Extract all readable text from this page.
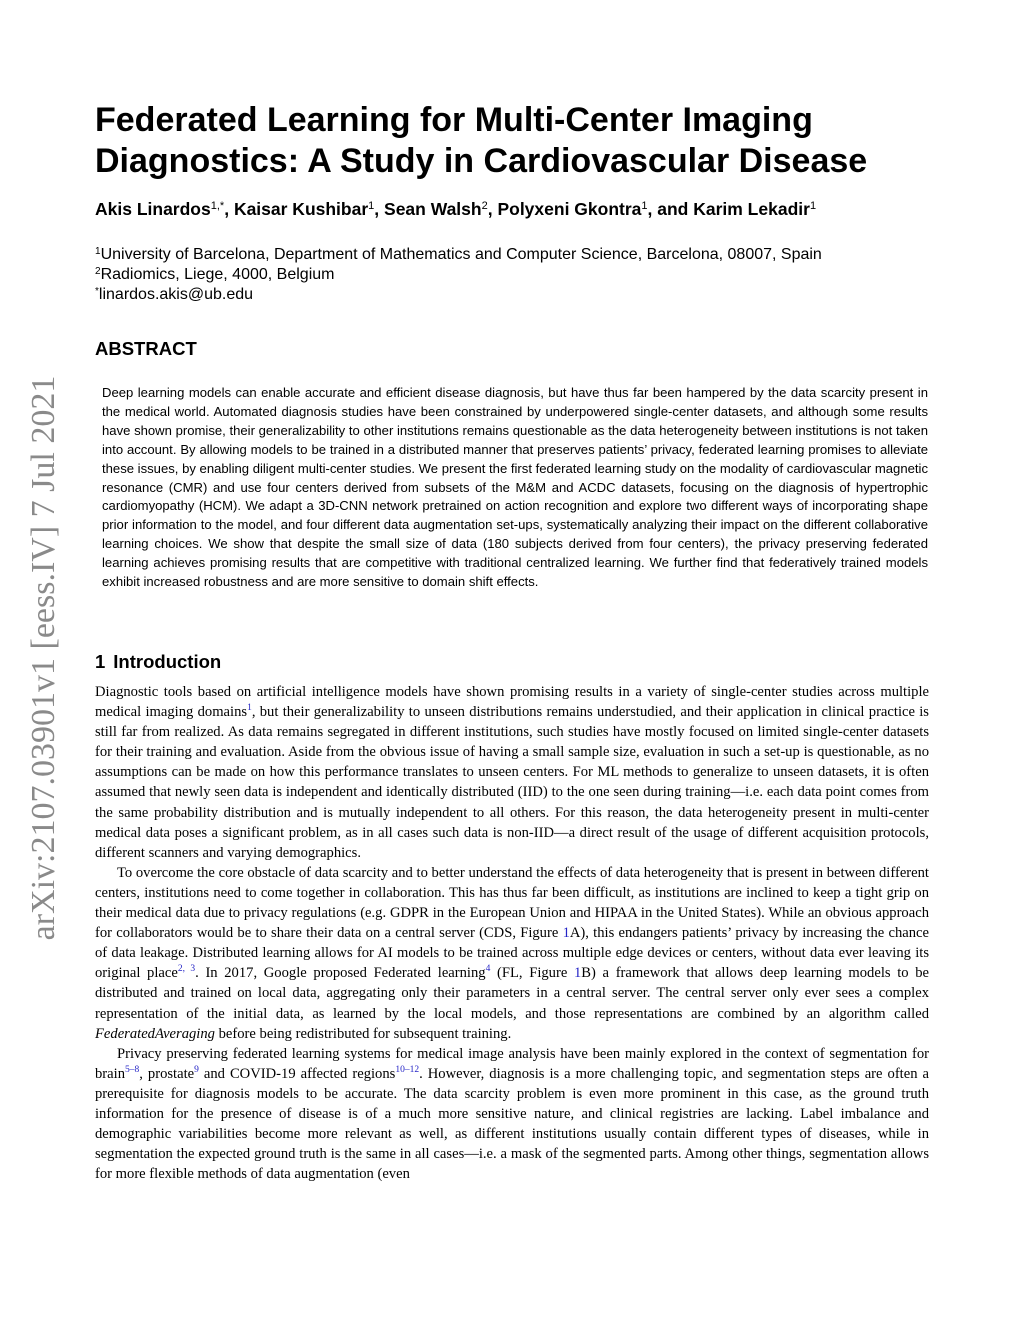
arXiv:2107.03901v1 [eess.IV] 7 Jul 2021
Federated Learning for Multi-Center Imaging
Diagnostics: A Study in Cardiovascular Disease
Akis Linardos$^{1,*}$, Kaisar Kushibar$^1$, Sean Walsh$^2$, Polyxeni Gkontra$^1$, and Karim Lekadir$^1$
$^1$University of Barcelona, Department of Mathematics and Computer Science, Barcelona, 08007, Spain
$^2$Radiomics, Liege, 4000, Belgium
*linardos.akis@ub.edu
ABSTRACT

Deep learning models can enable accurate and efficient disease diagnosis, but have thus far been hampered by the data scarcity present in the medical world. Automated diagnosis studies have been constrained by underpowered single-center datasets, and although some results have shown promise, their generalizability to other institutions remains questionable as the data heterogeneity between institutions is not taken into account. By allowing models to be trained in a distributed manner that preserves patients’ privacy, federated learning promises to alleviate these issues, by enabling diligent multi-center studies. We present the first federated learning study on the modality of cardiovascular magnetic resonance (CMR) and use four centers derived from subsets of the M&M and ACDC datasets, focusing on the diagnosis of hypertrophic cardiomyopathy (HCM). We adapt a 3D-CNN network pretrained on action recognition and explore two different ways of incorporating shape prior information to the model, and four different data augmentation set-ups, systematically analyzing their impact on the different collaborative learning choices. We show that despite the small size of data (180 subjects derived from four centers), the privacy preserving federated learning achieves promising results that are competitive with traditional centralized learning. We further find that federatively trained models exhibit increased robustness and are more sensitive to domain shift effects.

1 Introduction

Diagnostic tools based on artificial intelligence models have shown promising results in a variety of single-center studies across multiple medical imaging domains$^1$, but their generalizability to unseen distributions remains understudied, and their application in clinical practice is still far from realized. As data remains segregated in different institutions, such studies have mostly focused on limited single-center datasets for their training and evaluation. Aside from the obvious issue of having a small sample size, evaluation in such a set-up is questionable, as no assumptions can be made on how this performance translates to unseen centers. For ML methods to generalize to unseen datasets, it is often assumed that newly seen data is independent and identically distributed (IID) to the one seen during training—i.e. each data point comes from the same probability distribution and is mutually independent to all others. For this reason, the data heterogeneity present in multi-center medical data poses a significant problem, as in all cases such data is non-IID—a direct result of the usage of different acquisition protocols, different scanners and varying demographics.

To overcome the core obstacle of data scarcity and to better understand the effects of data heterogeneity that is present in between different centers, institutions need to come together in collaboration. This has thus far been difficult, as institutions are inclined to keep a tight grip on their medical data due to privacy regulations (e.g. GDPR in the European Union and HIPAA in the United States). While an obvious approach for collaborators would be to share their data on a central server (CDS, Figure 1A), this endangers patients’ privacy by increasing the chance of data leakage. Distributed learning allows for AI models to be trained across multiple edge devices or centers, without data ever leaving its original place$^{2, 3}$. In 2017, Google proposed Federated learning$^4$ (FL, Figure 1B) a framework that allows deep learning models to be distributed and trained on local data, aggregating only their parameters in a central server. The central server only ever sees a complex representation of the initial data, as learned by the local models, and those representations are combined by an algorithm called FederatedAveraging before being redistributed for subsequent training.

Privacy preserving federated learning systems for medical image analysis have been mainly explored in the context of segmentation for brain$^{5-8}$, prostate$^9$ and COVID-19 affected regions$^{10-12}$. However, diagnosis is a more challenging topic, and segmentation steps are often a prerequisite for diagnosis models to be accurate. The data scarcity problem is even more prominent in this case, as the ground truth information for the presence of disease is of a much more sensitive nature, and clinical registries are lacking. Label imbalance and demographic variabilities become more relevant as well, as different institutions usually contain different types of diseases, while in segmentation the expected ground truth is the same in all cases—i.e. a mask of the segmented parts. Among other things, segmentation allows for more flexible methods of data augmentation (even
